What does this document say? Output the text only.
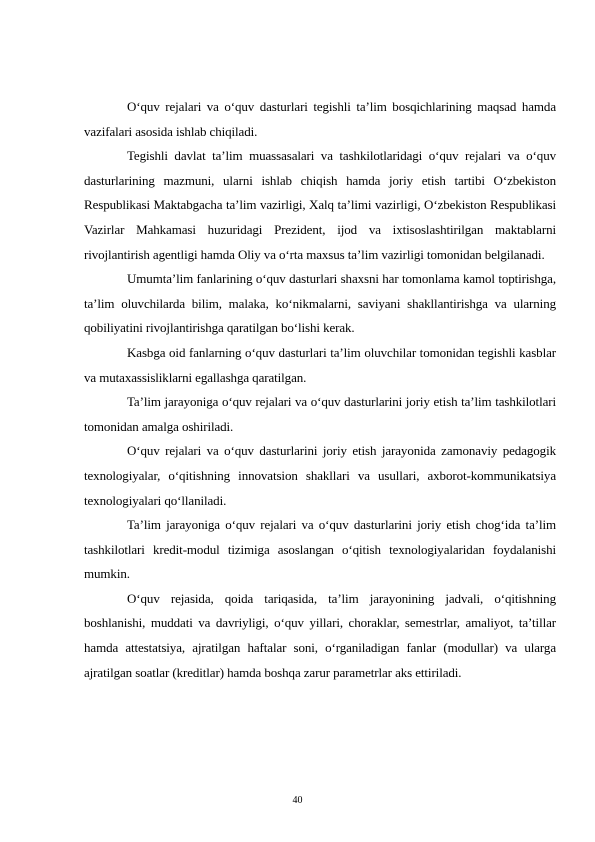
O‘quv rejalari va o‘quv dasturlari tegishli ta’lim bosqichlarining maqsad hamda vazifalari asosida ishlab chiqiladi.

Tegishli davlat ta’lim muassasalari va tashkilotlaridagi o‘quv rejalari va o‘quv dasturlarining mazmuni, ularni ishlab chiqish hamda joriy etish tartibi O‘zbekiston Respublikasi Maktabgacha ta’lim vazirligi, Xalq ta’limi vazirligi, O‘zbekiston Respublikasi Vazirlar Mahkamasi huzuridagi Prezident, ijod va ixtisoslashtirilgan maktablarni rivojlantirish agentligi hamda Oliy va o‘rta maxsus ta’lim vazirligi tomonidan belgilanadi.

Umumta’lim fanlarining o‘quv dasturlari shaxsni har tomonlama kamol toptirishga, ta’lim oluvchilarda bilim, malaka, ko‘nikmalarni, saviyani shakllantirishga va ularning qobiliyatini rivojlantirishga qaratilgan bo‘lishi kerak.

Kasbga oid fanlarning o‘quv dasturlari ta’lim oluvchilar tomonidan tegishli kasblar va mutaxassisliklarni egallashga qaratilgan.

Ta’lim jarayoniga o‘quv rejalari va o‘quv dasturlarini joriy etish ta’lim tashkilotlari tomonidan amalga oshiriladi.

O‘quv rejalari va o‘quv dasturlarini joriy etish jarayonida zamonaviy pedagogik texnologiyalar, o‘qitishning innovatsion shakllari va usullari, axborot-kommunikatsiya texnologiyalari qo‘llaniladi.

Ta’lim jarayoniga o‘quv rejalari va o‘quv dasturlarini joriy etish chog‘ida ta’lim tashkilotlari kredit-modul tizimiga asoslangan o‘qitish texnologiyalaridan foydalanishi mumkin.

O‘quv rejasida, qoida tariqasida, ta’lim jarayonining jadvali, o‘qitishning boshlanishi, muddati va davriyligi, o‘quv yillari, choraklar, semestrlar, amaliyot, ta’tillar hamda attestatsiya, ajratilgan haftalar soni, o‘rganiladigan fanlar (modullar) va ularga ajratilgan soatlar (kreditlar) hamda boshqa zarur parametrlar aks ettiriladi.

40
